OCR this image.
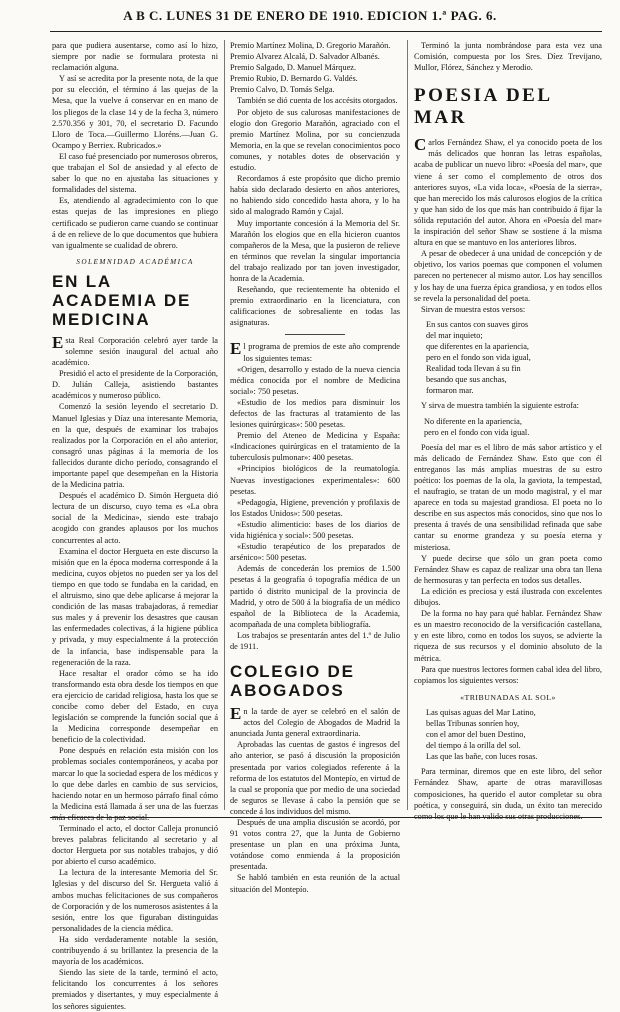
A B C. LUNES 31 DE ENERO DE 1910. EDICION 1.ª PAG. 6.

para que pudiera ausentarse, como así lo hizo, siempre por nadie se formulara protesta ni reclamación alguna.

Y así se acredita por la presente nota, de la que por su elección, el término á las quejas de la Mesa, que la vuelve á conservar en en mano de los pliegos de la clase 14 y de la fecha 3, número 2.570.356 y 301, 70, el secretario D. Facundo Lloro de Toca.—Guillermo Lloréns.—Juan G. Ocampo y Berriex. Rubricados.»

El caso fué presenciado por numerosos obreros, que trabajan el Sol de ansiedad y al efecto de saber lo que no en ajustaba las situaciones y formalidades del sistema.

Es, atendiendo al agradecimiento con lo que estas quejas de las impresiones en pliego certificado se pudieron carne cuando se continuar á de en relieve de lo que documentos que hubiera van igualmente se cualidad de obrero.

SOLEMNIDAD ACADÉMICA
EN LA ACADEMIA DE MEDICINA

Esta Real Corporación celebró ayer tarde la solemne sesión inaugural del actual año académico.

Presidió el acto el presidente de la Corporación, D. Julián Calleja, asistiendo bastantes académicos y numeroso público.

Comenzó la sesión leyendo el secretario D. Manuel Iglesias y Díaz una interesante Memoria, en la que, después de examinar los trabajos realizados por la Corporación en el año anterior, consagró unas páginas á la memoria de los fallecidos durante dicho período, consagrando el importante papel que desempeñan en la Historia de la Medicina patria.

Después el académico D. Simón Hergueta dió lectura de un discurso, cuyo tema es «La obra social de la Medicina», siendo este trabajo acogido con grandes aplausos por los muchos concurrentes al acto.

Examina el doctor Hergueta en este discurso la misión que en la época moderna corresponde á la medicina, cuyos objetos no pueden ser ya los del tiempo en que todo se fundaba en la caridad, en el altruismo, sino que debe aplicarse á mejorar la condición de las masas trabajadoras, á remediar sus males y á prevenir los desastres que causan las enfermedades colectivas, á la higiene pública y privada, y muy especialmente á la protección de la infancia, base indispensable para la regeneración de la raza.

Hace resaltar el orador cómo se ha ido transformando esta obra desde los tiempos en que era ejercicio de caridad religiosa, hasta los que se concibe como deber del Estado, en cuya legislación se comprende la función social que á la Medicina corresponde desempeñar en beneficio de la colectividad.

Pone después en relación esta misión con los problemas sociales contemporáneos, y acaba por marcar lo que la sociedad espera de los médicos y lo que debe darles en cambio de sus servicios, haciendo notar en un hermoso párrafo final cómo la Medicina está llamada á ser una de las fuerzas más eficaces de la paz social.

Terminado el acto, el doctor Calleja pronunció breves palabras felicitando al secretario y al doctor Hergueta por sus notables trabajos, y dió por abierto el curso académico.

La lectura de la interesante Memoria del Sr. Iglesias y del discurso del Sr. Hergueta valió á ambos muchas felicitaciones de sus compañeros de Corporación y de los numerosos asistentes á la sesión, entre los que figuraban distinguidas personalidades de la ciencia médica.

Ha sido verdaderamente notable la sesión, contribuyendo á su brillantez la presencia de la mayoría de los académicos.

Siendo las siete de la tarde, terminó el acto, felicitando los concurrentes á los señores premiados y disertantes, y muy especialmente á los señores siguientes.

Premio Martínez Molina, D. Gregorio Marañón.

Premio Alvarez Alcalá, D. Salvador Albanés.

Premio Salgado, D. Manuel Márquez.

Premio Rubio, D. Bernardo G. Valdés.

Premio Calvo, D. Tomás Selga.

También se dió cuenta de los accésits otorgados.

Por objeto de sus calurosas manifestaciones de elogio don Gregorio Marañón, agraciado con el premio Martínez Molina, por su concienzuda Memoria, en la que se revelan conocimientos poco comunes, y notables dotes de observación y estudio.

Recordamos á este propósito que dicho premio había sido declarado desierto en años anteriores, no habiendo sido concedido hasta ahora, y lo ha sido al malogrado Ramón y Cajal.

Muy importante concesión á la Memoria del Sr. Marañón los elogios que en ella hicieron cuantos compañeros de la Mesa, que la pusieron de relieve en términos que revelan la singular importancia del trabajo realizado por tan joven investigador, honra de la Academia.

Reseñando, que recientemente ha obtenido el premio extraordinario en la licenciatura, con calificaciones de sobresaliente en todas las asignaturas.

El programa de premios de este año comprende los siguientes temas:

«Origen, desarrollo y estado de la nueva ciencia médica conocida por el nombre de Medicina social»: 750 pesetas.

«Estudio de los medios para disminuir los defectos de las fracturas al tratamiento de las lesiones quirúrgicas»: 500 pesetas.

Premio del Ateneo de Medicina y España: «Indicaciones quirúrgicas en el tratamiento de la tuberculosis pulmonar»: 400 pesetas.

«Principios biológicos de la reumatología. Nuevas investigaciones experimentales»: 600 pesetas.

«Pedagogía, Higiene, prevención y profilaxis de los Estados Unidos»: 500 pesetas.

«Estudio alimenticio: bases de los diarios de vida higiénica y social»: 500 pesetas.

«Estudio terapéutico de los preparados de arsénico»: 500 pesetas.

Además de concederán los premios de 1.500 pesetas á la geografía ó topografía médica de un partido ó distrito municipal de la provincia de Madrid, y otro de 500 á la biografía de un médico español de la Biblioteca de la Academia, acompañada de una completa bibliografía.

Los trabajos se presentarán antes del 1.º de Julio de 1911.

COLEGIO DE ABOGADOS

En la tarde de ayer se celebró en el salón de actos del Colegio de Abogados de Madrid la anunciada Junta general extraordinaria.

Aprobadas las cuentas de gastos é ingresos del año anterior, se pasó á discusión la proposición presentada por varios colegiados referente á la reforma de los estatutos del Montepío, en virtud de la cual se proponía que por medio de una sociedad de seguros se llevase á cabo la pensión que se concede á los individuos del mismo.

Después de una amplia discusión se acordó, por 91 votos contra 27, que la Junta de Gobierno presentase un plan en una próxima Junta, votándose como enmienda á la proposición presentada.

Se habló también en esta reunión de la actual situación del Montepío.

Terminó la junta nombrándose para esta vez una Comisión, compuesta por los Sres. Díez Trevijano, Mullor, Flórez, Sánchez y Merodio.

POESIA DEL MAR

Carlos Fernández Shaw, el ya conocido poeta de los más delicados que honran las letras españolas, acaba de publicar un nuevo libro: «Poesía del mar», que viene á ser como el complemento de otros dos anteriores suyos, «La vida loca», «Poesía de la sierra», que han merecido los más calurosos elogios de la crítica y que han sido de los que más han contribuido á fijar la sólida reputación del autor. Ahora en «Poesía del mar» la inspiración del señor Shaw se sostiene á la misma altura en que se mantuvo en los anteriores libros.

A pesar de obedecer á una unidad de concepción y de objetivo, los varios poemas que componen el volumen parecen no pertenecer al mismo autor. Los hay sencillos y los hay de una fuerza épica grandiosa, y en todos ellos se revela la personalidad del poeta.

Sirvan de muestra estos versos:

En sus cantos con suaves giros
del mar inquieto;
que diferentes en la apariencia,
pero en el fondo son vida igual,
Realidad toda llevan á su fin
besando que sus anchas,
formaron mar.

Y sirva de muestra también la siguiente estrofa:

No diferente en la apariencia,
pero en el fondo con vida igual.

Poesía del mar es el libro de más sabor artístico y el más delicado de Fernández Shaw. Esto que con él entreganos las más amplias muestras de su estro poético: los poemas de la ola, la gaviota, la tempestad, el naufragio, se tratan de un modo magistral, y el mar aparece en toda su majestad grandiosa. El poeta no lo describe en sus aspectos más conocidos, sino que nos lo presenta á través de una sensibilidad refinada que sabe cantar su enorme grandeza y su poesía eterna y misteriosa.

Y puede decirse que sólo un gran poeta como Fernández Shaw es capaz de realizar una obra tan llena de hermosuras y tan perfecta en todos sus detalles.

La edición es preciosa y está ilustrada con excelentes dibujos.

De la forma no hay para qué hablar. Fernández Shaw es un maestro reconocido de la versificación castellana, y en este libro, como en todos los suyos, se advierte la riqueza de sus recursos y el dominio absoluto de la métrica.

Para que nuestros lectores formen cabal idea del libro, copiamos los siguientes versos:

«TRIBUNADAS AL SOL»
Las quisas aguas del Mar Latino,
bellas Tribunas sonríen hoy,
con el amor del buen Destino,
del tiempo á la orilla del sol.
Las que las bañe, con luces rosas.

Para terminar, diremos que en este libro, del señor Fernández Shaw, aparte de otras maravillosas composiciones, ha querido el autor completar su obra poética, y conseguirá, sin duda, un éxito tan merecido como los que le han valido sus otras producciones.
